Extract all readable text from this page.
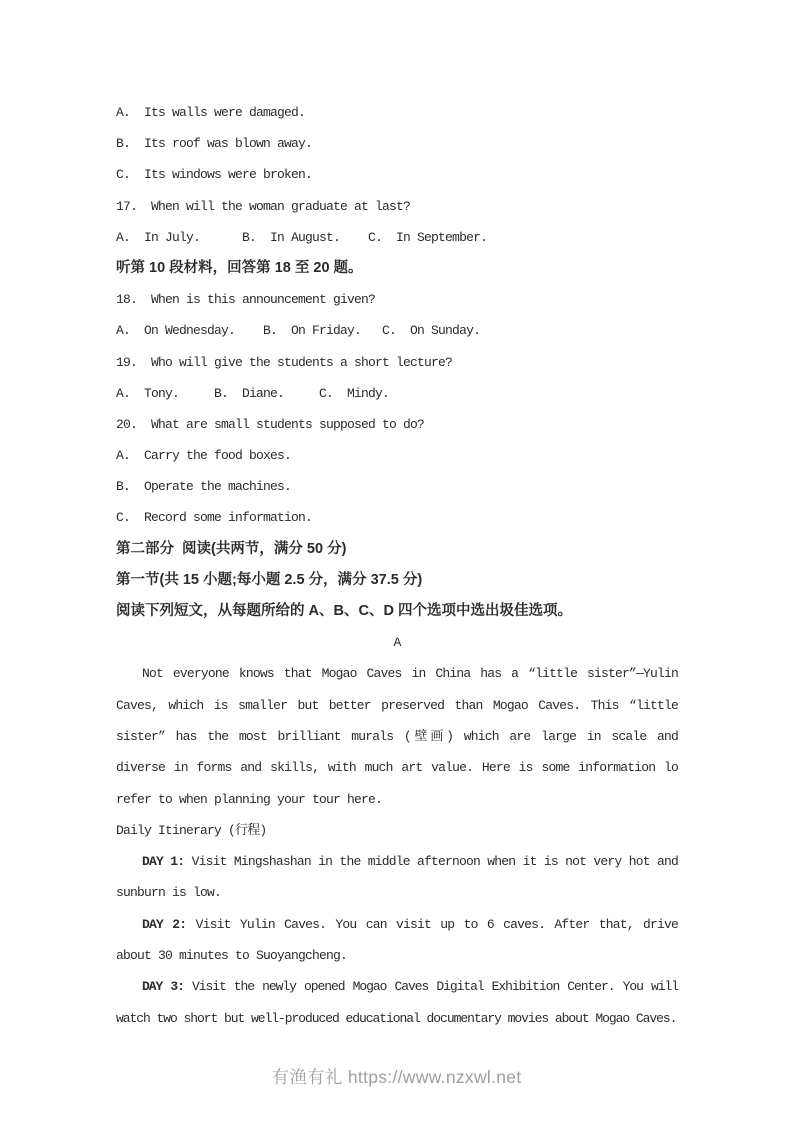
A.  Its walls were damaged.
B.  Its roof was blown away.
C.  Its windows were broken.
17.  When will the woman graduate at last?
A.  In July.      B.  In August.    C.  In September.
听第 10 段材料，回答第 18 至 20 题。
18.  When is this announcement given?
A.  On Wednesday.    B.  On Friday.   C.  On Sunday.
19.  Who will give the students a short lecture?
A.  Tony.     B.  Diane.     C.  Mindy.
20.  What are small students supposed to do?
A.  Carry the food boxes.
B.  Operate the machines.
C.  Record some information.
第二部分  阅读(共两节，满分 50 分)
第一节(共 15 小题;每小题 2.5 分，满分 37.5 分)
阅读下列短文，从每题所给的 A、B、C、D 四个选项中选出圾佳选项。
A
Not everyone knows that Mogao Caves in China has a “little sister”—Yulin Caves, which is smaller but better preserved than Mogao Caves. This “little sister” has the most brilliant murals (壁画) which are large in scale and diverse in forms and skills, with much art value. Here is some information lo refer to when planning your tour here.
Daily Itinerary (行程)
DAY 1: Visit Mingshashan in the middle afternoon when it is not very hot and sunburn is low.
DAY 2: Visit Yulin Caves. You can visit up to 6 caves. After that, drive about 30 minutes to Suoyangcheng.
DAY 3: Visit the newly opened Mogao Caves Digital Exhibition Center. You will watch two short but well-produced educational documentary movies about Mogao Caves.
有渔有礼 https://www.nzxwl.net
